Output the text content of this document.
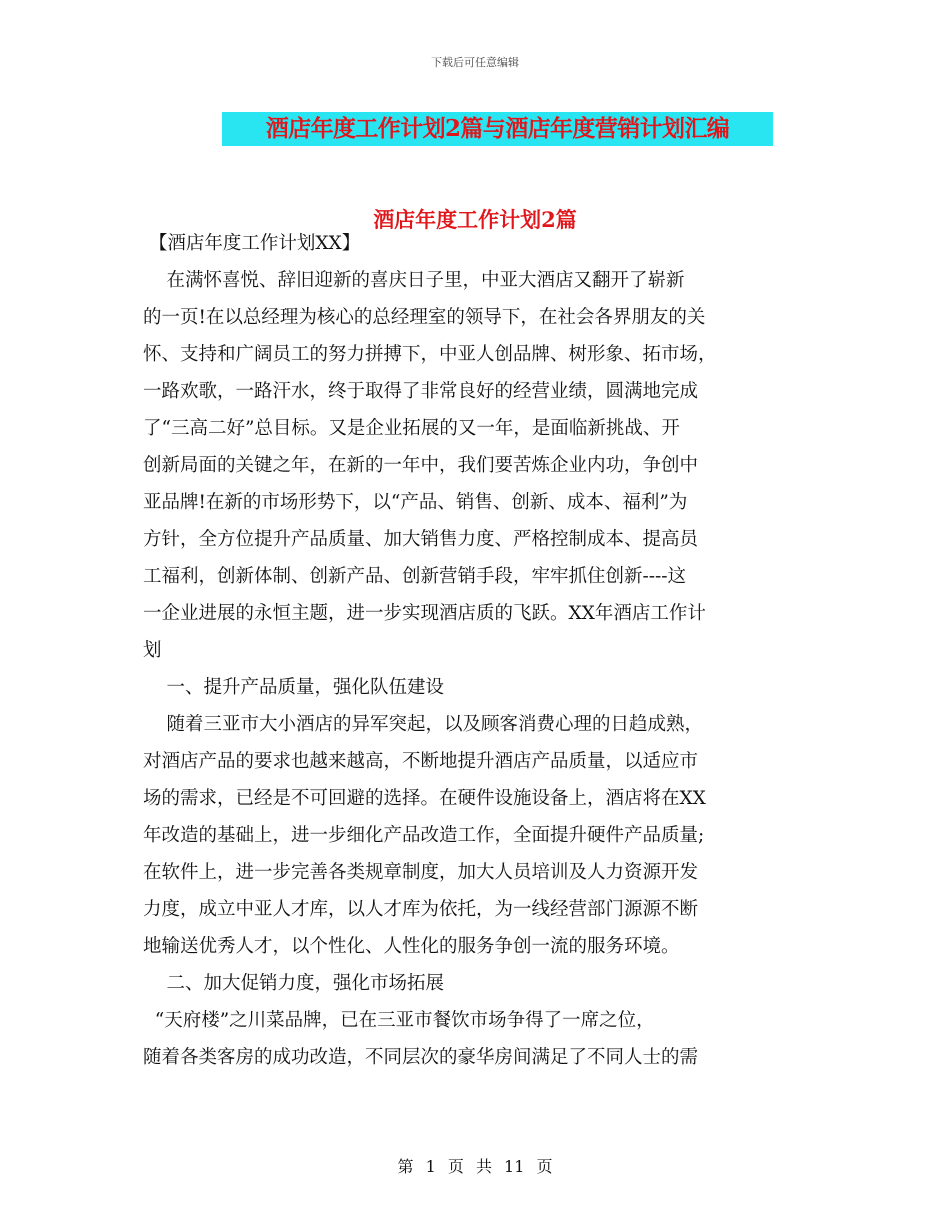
下载后可任意编辑
酒店年度工作计划2篇与酒店年度营销计划汇编
酒店年度工作计划2篇
【酒店年度工作计划XX】
在满怀喜悦、辞旧迎新的喜庆日子里，中亚大酒店又翻开了崭新
的一页!在以总经理为核心的总经理室的领导下，在社会各界朋友的关
怀、支持和广阔员工的努力拼搏下，中亚人创品牌、树形象、拓市场，
一路欢歌，一路汗水，终于取得了非常良好的经营业绩，圆满地完成
了“三高二好”总目标。又是企业拓展的又一年，是面临新挑战、开
创新局面的关键之年，在新的一年中，我们要苦炼企业内功，争创中
亚品牌!在新的市场形势下，以“产品、销售、创新、成本、福利”为
方针，全方位提升产品质量、加大销售力度、严格控制成本、提高员
工福利，创新体制、创新产品、创新营销手段，牢牢抓住创新----这
一企业进展的永恒主题，进一步实现酒店质的飞跃。XX年酒店工作计
划
一、提升产品质量，强化队伍建设
随着三亚市大小酒店的异军突起，以及顾客消费心理的日趋成熟，
对酒店产品的要求也越来越高，不断地提升酒店产品质量，以适应市
场的需求，已经是不可回避的选择。在硬件设施设备上，酒店将在XX
年改造的基础上，进一步细化产品改造工作，全面提升硬件产品质量;
在软件上，进一步完善各类规章制度，加大人员培训及人力资源开发
力度，成立中亚人才库，以人才库为依托，为一线经营部门源源不断
地输送优秀人才，以个性化、人性化的服务争创一流的服务环境。
二、加大促销力度，强化市场拓展
“天府楼”之川菜品牌，已在三亚市餐饮市场争得了一席之位，
随着各类客房的成功改造，不同层次的豪华房间满足了不同人士的需
第 1 页 共 11 页
